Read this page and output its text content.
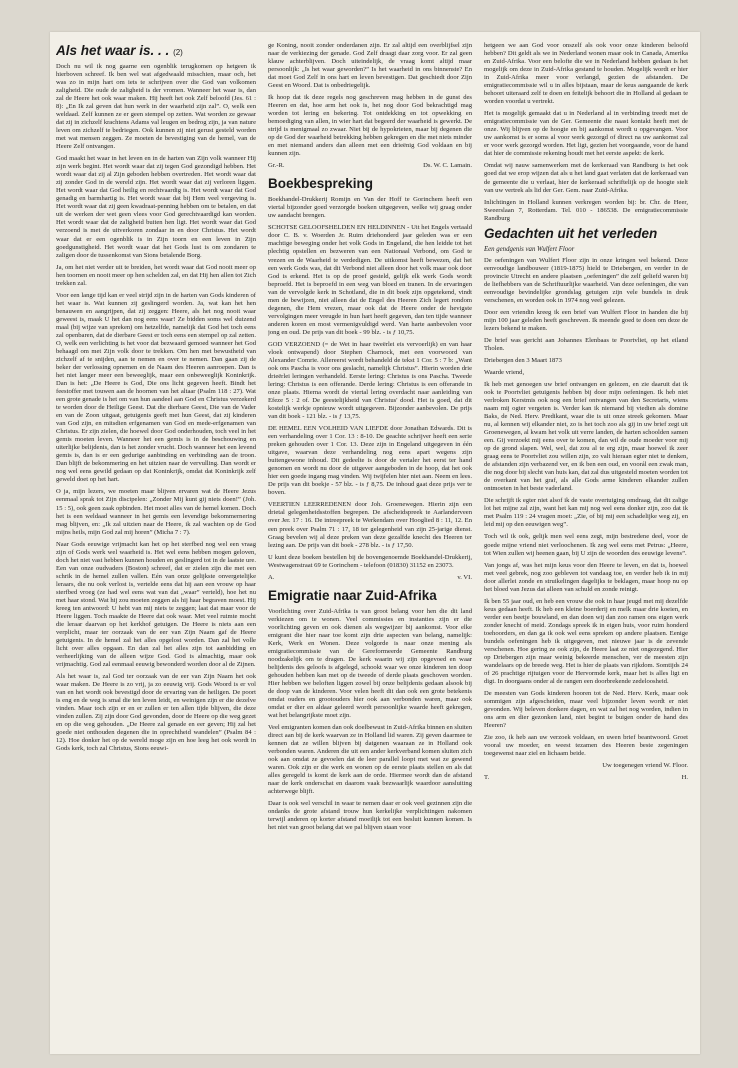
Als het waar is. . . (2)

Doch nu wil ik nog gaarne een ogenblik terugkomen op hetgeen ik hierboven schreef. Ik ben wel wat afgedwaald misschien, maar och, het was zo in mijn hart om iets te schrijven over die God van volkomen zaligheid. Die oude de zaligheid is der vromen. Wanneer het waar is, dan zal de Heere het ook waar maken. Hij heeft het ook Zelf beloofd (Jes. 61 : 8): „En Ik zal geven dat hun werk in der waarheid zijn zal”. O, welk een weldaad. Zelf kunnen ze er geen stempel op zetten. Wat worden ze gewaar dat zij in zichzelf krachtens Adams val leugen en bedrog zijn, ja van nature leven om zichzelf te bedriegen. Ook kunnen zij niet gerust gesteld worden met wat mensen zeggen. Ze moeten de bevestiging van de hemel, van de Heere Zelf ontvangen.

God maakt het waar in het leven en in de harten van Zijn volk wanneer Hij zijn werk begint. Het wordt waar dat zij tegen God gezondigd hebben. Het wordt waar dat zij al Zijn geboden hebben overtreden. Het wordt waar dat zij zonder God in de wereld zijn. Het wordt waar dat zij verloren liggen. Het wordt waar dat God heilig en rechtvaardig is. Het wordt waar dat God genadig en barmhartig is. Het wordt waar dat bij Hem veel vergeving is. Het wordt waar dat zij geen kwadraat-penning hebben om te betalen, en dat uit de werken der wet geen vlees voor God gerechtvaardigd kan worden. Het wordt waar dat de zaligheid buiten hen ligt. Het wordt waar dat God verzoend is met de uitverkoren zondaar in en door Christus. Het wordt waar dat er een ogenblik is in Zijn toorn en een leven in Zijn goedgunstigheid. Het wordt waar dat het Gods lust is om zondaren te zaligen door de tussenkomst van Sions betalende Borg.

Ja, om het niet verder uit te breiden, het wordt waar dat God nooit meer op hen toornen en nooit meer op hen schelden zal, en dat Hij hen allen tot Zich trekken zal.

Voor een lange tijd kan er veel strijd zijn in de harten van Gods kinderen of het waar is. Wat kunnen zij geslingerd worden. Ja, wat kan het hen benauwen en aangrijpen, dat zij zeggen: Heere, als het nog nooit waar geweest is, maak U het dan nog eens waar! Ze bidden soms wel duizend maal (bij wijze van spreken) om hetzelfde, namelijk dat God het toch eens zal openbaren, dat de dierbare Geest er toch eens een stempel op zal zetten. O, welk een verlichting is het voor dat bezwaard gemoed wanneer het God behaagd om met Zijn volk door te trekken. Om hen met bewustheid van zichzelf af te snijden, aan te nemen en over te nemen. Dan gaan zij de beker der verlossing opnemen en de Naam des Heeren aanroepen. Dan is het niet langer meer een beweeglijk, maar een onbeweeglijk Koninkrijk. Dan is het: „De Heere is God, Die ons licht gegeven heeft. Bindt het feestoffer met touwen aan de hoornen van het altaar (Psalm 118 : 27). Wat een grote genade is het om van hun aandeel aan God en Christus verzekerd te worden door de Heilige Geest. Dat die dierbare Geest, Die van de Vader en van de Zoon uitgaat, getuigenis geeft met hun Geest, dat zij kinderen van God zijn, en mitsdien erfgenamen van God en mede-erfgenamen van Christus. Er zijn zielen, die hoewel door God onderhouden, toch veel in het gemis moeten leven. Wanneer het een gemis is in de beschouwing en uiterlijke belijdenis, dan is het zonder vrucht. Doch wanneer het een levend gemis is, dan is er een gedurige aanbinding en verbinding aan de troon. Dan blijft de bekommering en het uitzien naar de vervulling. Dan wordt er nog wel eens gewild gedaan op dat Koninkrijk, omdat dat Koninkrijk zelf geweld doet op het hart.

O ja, mijn lezers, we moeten maar blijven ervaren wat de Heere Jezus eenmaal sprak tot Zijn discipelen: „Zonder Mij kunt gij niets doen!” (Joh. 15 : 5), ook geen zaak opbinden. Het moet alles van de hemel komen. Doch het is een weldaad wanneer in het gemis een levendige bekommernering mag blijven, en: „Ik zal uitzien naar de Heere, ik zal wachten op de God mijns heils, mijn God zal mij horen” (Micha 7 : 7).

Naar Gods eeuwige vrijmacht kan het op het sterfbed nog wel een vraag zijn of Gods werk wel waarheid is. Het wel eens hebben mogen geloven, doch het niet vast hebben kunnen houden en geslingerd tot in de laatste ure. Een van onze oudvaders (Boston) schreef, dat er zielen zijn die met een schrik in de hemel zullen vallen. Eén van onze gelijkste onvergetelijke leraars, die nu ook verlost is, vertelde eens dat hij aan een vrouw op haar sterfbed vroeg (ze had wel eens wat van dat „waar” verteld), hoe het nu met haar stond. Wat hij zou moeten zeggen als hij haar begraven moest. Hij kreeg ten antwoord: U hebt van mij niets te zeggen; laat dat maar voor de Heere liggen. Toch maakte de Heere dat ook waar. Met veel ruimte mocht die leraar daarvan op het kerkhof getuigen. De Heere is niets aan een verplicht, maar ter oorzaak van de eer van Zijn Naam gaf de Heere getuigenis. In de hemel zal het alles opgelost worden. Dan zal het volle licht over alles opgaan. En dan zal het alles zijn tot aanbidding en verheerlijking van de alleen wijze God. God is almachtig, maar ook vrijmachtig. God zal eenmaal eeuwig bewonderd worden door al de Zijnen.

Als het waar is, zal God ter oorzaak van de eer van Zijn Naam het ook waar maken. De Heere is zo vrij, ja zo eeuwig vrij. Gods Woord is er vol van en het wordt ook bevestigd door de ervaring van de heiligen. De poort is eng en de weg is smal die ten leven leidt, en weinigen zijn er die dezelve vinden. Maar toch zijn er en er zullen er ten allen tijde blijven, die deze vinden zullen. Zij zijn door God gevonden, door de Heere op die weg gezet en op die weg gehouden. „De Heere zal genade en eer geven; Hij zal het goede niet onthouden degenen die in oprechtheid wandelen” (Psalm 84 : 12). Hoe donker het op de wereld moge zijn en hoe leeg het ook wordt in Gods kerk, toch zal Christus, Sions eeuwi-

ge Koning, nooit zonder onderdanen zijn. Er zal altijd een overblijfsel zijn naar de verkiezing der genade. God Zelf draagt daar zorg voor. Er zal geen klauw achterblijven. Doch uiteindelijk, de vraag komt altijd maar persoonlijk: „Is het waar geworden?” Is het waarheid in ons binnenste? En dat moet God Zelf in ons hart en leven bevestigen. Dat geschiedt door Zijn Geest en Woord. Dat is onbedriegelijk.

Ik hoop dat ik deze regels nog geschreven mag hebben in de gunst des Heeren en dat, hoe arm het ook is, het nog door God bekrachtigd mag worden tot lering en bekering. Tot ontdekking en tot opwekking en bemoediging van allen, in wier hart dat begeerd der waarheid is gewerkt. De strijd is menigmaal zo zwaar. Niet bij de hypokrieten, maar bij degenen die op de God der waarheid betrekking hebben gekregen en die met niets minder en met niemand anders dan alleen met een drieënig God voldaan en bij kunnen zijn.

Gr.-R.	Ds. W. C. Lamain.
Boekbespreking

Boekhandel-Drukkerij Romijn en Van der Hoff te Gorinchem heeft een viertal bijzonder goed verzorgde boeken uitgegeven, welke wij graag onder uw aandacht brengen.

SCHOTSE GELOOFSHELDEN EN HELDINNEN - Uit het Engels vertaald door C. B. v. Woerden Jr. Ruim driehonderd jaar geleden was er een machtige beweging onder het volk Gods in Engeland, die hen leidde tot het plechtig opstellen en bezweren van een Nationaal Verbond, om God te vrezen en de Waarheid te verdedigen. De uitkomst heeft bewezen, dat het een werk Gods was, dat dit Verbond niet alleen door het volk maar ook door God is erkend. Het is op de proef gesteld, gelijk elk werk Gods wordt beproefd. Het is beproefd in een weg van bloed en tranen. In de ervaringen van de vervolgde kerk in Schotland, die in dit boek zijn opgetekend, vindt men de bewijzen, niet alleen dat de Engel des Heeren Zich legert rondom degenen, die Hem vrezen, maar ook dat de Heere onder de hevigste vervolgingen meer vreugde in hun hart heeft gegeven, dan ten tijde wanneer anderen koren en most vermenigvuldigd werd. Van harte aanbevolen voor jong en oud. De prijs van dit boek - 99 blz. - is ƒ 10,75.

GOD VERZOEND (= de Wet in haar tweërlei eis vervoerlijk) en van haar vloek ontwapend) door Stephen Charnock, met een voorwoord van Alexander Comrie. Allereerst wordt behandeld de tekst 1 Cor. 5 : 7 b: „Want ook ons Pascha is voor ons geslacht, namelijk Christus”. Hierin worden drie drieërlei leringen verhandeld. Eerste lering: Christus is ons Pascha. Tweede lering: Christus is een offerande. Derde lering: Christus is een offerande in onze plaats. Hierna wordt de viertal lering overdacht naar aanleiding van Efeze 5 : 2 of. De geestelijkheid van Christus' dood. Het is goed, dat dit kostelijk werkje opnieuw wordt uitgegeven. Bijzonder aanbevolen. De prijs van dit boek - 121 blz. - is ƒ 13,75.

DE HEMEL EEN VOLHEID VAN LIEFDE door Jonathan Edwards. Dit is een verhandeling over 1 Cor. 13 : 8-10. De geachte schrijver heeft een serie preken gehouden over 1 Cor. 13. Deze zijn in Engeland uitgegeven in één uitgave, waarvan deze verhandeling nog eens apart wegens zijn buitengewone inhoud. Dit gedeelte is door de vertaler het eerst ter hand genomen en wordt nu door de uitgever aangeboden in de hoop, dat het ook hier een goede ingang mag vinden. Wij twijfelen hier niet aan. Neem en lees. De prijs van dit boekje - 57 blz. - is ƒ 8,75. De inhoud gaat deze prijs ver te boven.

VEERTIEN LEERREDENEN door Joh. Groenewegen. Hierin zijn een drietal gelegenheidsstoffen begrepen. De afscheidspreek te Aarlanderveen over Jer. 17 : 16. De intreepreek te Werkendam over Hooglied 8 : 11, 12. En een preek over Psalm 71 : 17, 18 ter gelegenheid van zijn 25-jarige dienst. Graag bevelen wij al deze preken van deze gezalfde knecht des Heeren ter lezing aan. De prijs van dit boek - 278 blz. - is ƒ 17,50.

U kunt deze boeken bestellen bij de bovengenoemde Boekhandel-Drukkerij, Westwagenstraat 69 te Gorinchem - telefoon (01830) 31152 en 23073.

A.	v. VI.
Emigratie naar Zuid-Afrika

Voorlichting over Zuid-Afrika is van groot belang voor hen die dit land verkiezen om te wonen. Veel commissies en instanties zijn er die voorlichting geven en ook dienen als wegwijzer bij aankomst. Voor elke emigrant die hier naar toe komt zijn drie aspecten van belang, namelijk: Kerk, Werk en Wonen. Deze volgorde is naar onze mening als emigratiecommissie van de Gereformeerde Gemeente Randburg noodzakelijk om te dragen. De kerk waarin wij zijn opgevoed en waar belijdenis des geloofs is afgelegd, schookt waar we onze kinderen ten doop gehouden hebben kan met op de tweede of derde plaats geschoven worden. Hier hebben we beloften liggen zowel bij onze belijdenis gedaan alsook bij de doop van de kinderen. Voor velen heeft dit dan ook een grote betekenis omdat ouders en grootouders hier ook aan verbonden waren, maar ook omdat er dier en aldaar geleerd wordt persoonlijke waarde heeft gekregen, wat het belangrijkste moet zijn.

Veel emigranten komen dan ook doelbewust in Zuid-Afrika binnen en sluiten direct aan bij de kerk waarvan ze in Holland lid waren. Zij geven daarmee te kennen dat ze willen blijven bij datgenen waaraan ze in Holland ook verbonden waren. Anderen die uit een ander kerkverband komen sluiten zich ook aan omdat ze gevoelen dat de leer parallel loopt met wat ze gewend waren. Ook zijn er die werk en wonen op de eerste plaats stellen en als dat alles geregeld is komt de kerk aan de orde. Hiermee wordt dan de afstand naar de kerk onderschat en daarom vaak bezwaarlijk waardoor aansluiting achterwege blijft.

Daar is ook wel verschil in waar te nemen daar er ook veel gezinnen zijn die ondanks de grote afstand trouw hun kerkelijke verplichtingen nakomen terwijl anderen op korter afstand moeilijk tot een besluit kunnen komen. Is het niet van groot belang dat we pal blijven staan voor

hetgeen we aan God voor onszelf als ook voor onze kinderen beloofd hebben? Dit geldt als we in Nederland wonen maar ook in Canada, Amerika en Zuid-Afrika. Voor een belofte die we in Nederland hebben gedaan is het mogelijk om deze in Zuid-Afrika gestand te houden. Mogelijk wordt er hier in Zuid-Afrika meer voor verlangd, gezien de afstanden. De emigratiecommissie wil u in alles bijstaan, maar de keus aangaande de kerk behoort uiteraard zelf te doen en feitelijk behoort die in Holland al gedaan te worden voordat u vertrekt.

Het is mogelijk gemaakt dat u in Nederland al in verbinding treedt met de emigratiecommissie van de Ger. Gemeente die naast kontakt heeft met de onze. Wij blijven op de hoogte en bij aankomst wordt u opgevangen. Voor uw aankomst is er soms al voor werk gezorgd of direct na uw aankomst zal er voor werk gezorgd worden. Het ligt, gezien het voorgaande, voor de hand dat hier de commissie rekening houdt met het eerste aspekt: de kerk.

Omdat wij nauw samenwerken met de kerkeraad van Randburg is het ook goed dat we erop wijzen dat als u het land gaat verlaten dat de kerkeraad van de gemeente die u verlaat, hier de kerkeraad schriftelijk op de hoogte stelt van uw vertrek als lid der Ger. Gem. naar Zuid-Afrika.

Inlichtingen in Holland kunnen verkregen worden bij: br. Chr. de Heer, Sweerslaan 7, Rotterdam. Tel. 010 - 186538. De emigratiecommissie Randburg

Gedachten uit het verleden
Een gendgenis van Wulfert Floor

De oefeningen van Wulfert Floor zijn in onze kringen wel bekend. Deze eenvoudige landbouwer (1819-1875) hield te Driebergen, en verder in de provincie Utrecht en andere plaatsen „oefeningen” die zelf geliefd waren bij de liefhebbers van de Schriftuurlijke waarheid. Van deze oefeningen, die van eenvoudige bevindelijke grondslag getuigen zijn vele bundels in druk verschenen, en worden ook in 1974 nog veel gelezen.

Door een vriendin kreeg ik een brief van Wulfert Floor in handen die bij mijn 100 jaar geleden heeft geschreven. Ik meende goed te doen om deze de lezers bekend te maken.

De brief was gericht aan Johannes Elenbaas te Poortvliet, op het eiland Tholen.

Driebergen den 3 Maart 1873

Waarde vriend,

Ik heb met genoegen uw brief ontvangen en gelezen, en zie daaruit dat ik ook te Poortvliet getuigenis hebben bij door mijn oefeningen. Ik heb niet verlroken Kerstmis ook nog een brief ontvangen van den Secretaris, wiens naam mij ogter vergeten is. Verder kan ik niemand bij viedien als domine Baks, de Ned. Herv. Predikant, waar die is uit onze streek gekomen. Maar nu, al kennen wij elkander niet, zo is het toch zoo als gij in uw brief zegt uit Groenewegen, al kwam het volk uit verre landen, de harten schoolden samen een. Gij verzoekt mij eens over te komen, dan wil de oude moeder voor mij op de grond slapen. Wel, wel, dat zou al te erg zijn, maar hoewel ik zeer graag eens te Poortvliet zou willen zijn, zo valt hieraan egter niet te denken, de afstanden zijn verbazend ver, en ik ben een oud, en voorál een zwak man, die nog door bij slecht van huis kan, dat zal dus uitgesteld moeten worden tot de overkant van het graf, als alle Gods arme kinderen elkander zullen ontmoeten in het beste vaderland.

Die schrijft ik egter niet alsof ik de vaste overtuiging omdraag, dat dit zalige lot het mijne zal zijn, want het kan mij nog wel eens donker zijn, zoo dat ik met Psalm 119 : 24 vragen moet: „Zie, of bij mij een schadelijke weg zij, en leid mij op den eeuwigen weg”.

Toch wil ik ook, gelijk men wel eens zegt, mijn bestredene deel, voor de goede mijne vriend niet verloochenen. Ik zeg wel eens met Petrus: „Heere, tot Wien zullen wij heenen gaan, bij U zijn de woorden des eeuwige levens”.

Van jongs af, was het mijn keus voor den Heere te leven, en dat is, hoewel met veel gebrek, nog zoo gebleven tot vandaag toe, en verder heb ik in mij door allerlei zonde en struikelingen dagelijks te beklagen, maar hoop nu op het bloed van Jezus dat alleen van schuld en zonde reinigt.

Ik ben 55 jaar oud, en heb een vrouw die ook in haar jeugd met mij dezelfde keus gedaan heeft. Ik heb een kleine boerderij en melk maar drie koeien, en verder een beetje bouwland, en dan doen wij dan zoo ramen ons eigen werk zonder knecht of meid. Zondags spreek ik in eigen huis, voor ruim honderd toehoorders, en dan ga ik ook wel eens spreken op andere plaatsen. Eenige bundels oefeningen heb ik uitgegeven, met nieuwe jaar is de zevende verschenen. Hoe gering ze ook zijn, de Heere laat ze niet ongezegend. Hier op Driebergen zijn maar weinig bekeerde menschen, ver de meesten zijn wandelaars op de breede weg. Het is hier de plaats van rijkdom. Somtijds 24 of 26 prachtige rijtuigen voor de Hervormde kerk, maar het is alles ligt en digt. In doorgaans onder al de rangen een doorbrekende zedeloosheid.

De meesten van Gods kinderen hooren tot de Ned. Herv. Kerk, maar ook sommigen zijn afgescheiden, maar veel bijzonder leven wordt er niet gevonden. Wij beleven donkere dagen, en wat zal het nog worden, indien in ons arm en dier gezonken land, niet begint te buigen onder de hand des Heeren?

Zie zoo, ik heb aan uw verzoek voldaan, en uwen brief beantwoord. Groet vooral uw moeder, en weest tezamen des Heeren beste zegeningen toegewenst naar ziel en lichaam beide.

Uw toegenegen vriend W. Floor.

T.	H.
